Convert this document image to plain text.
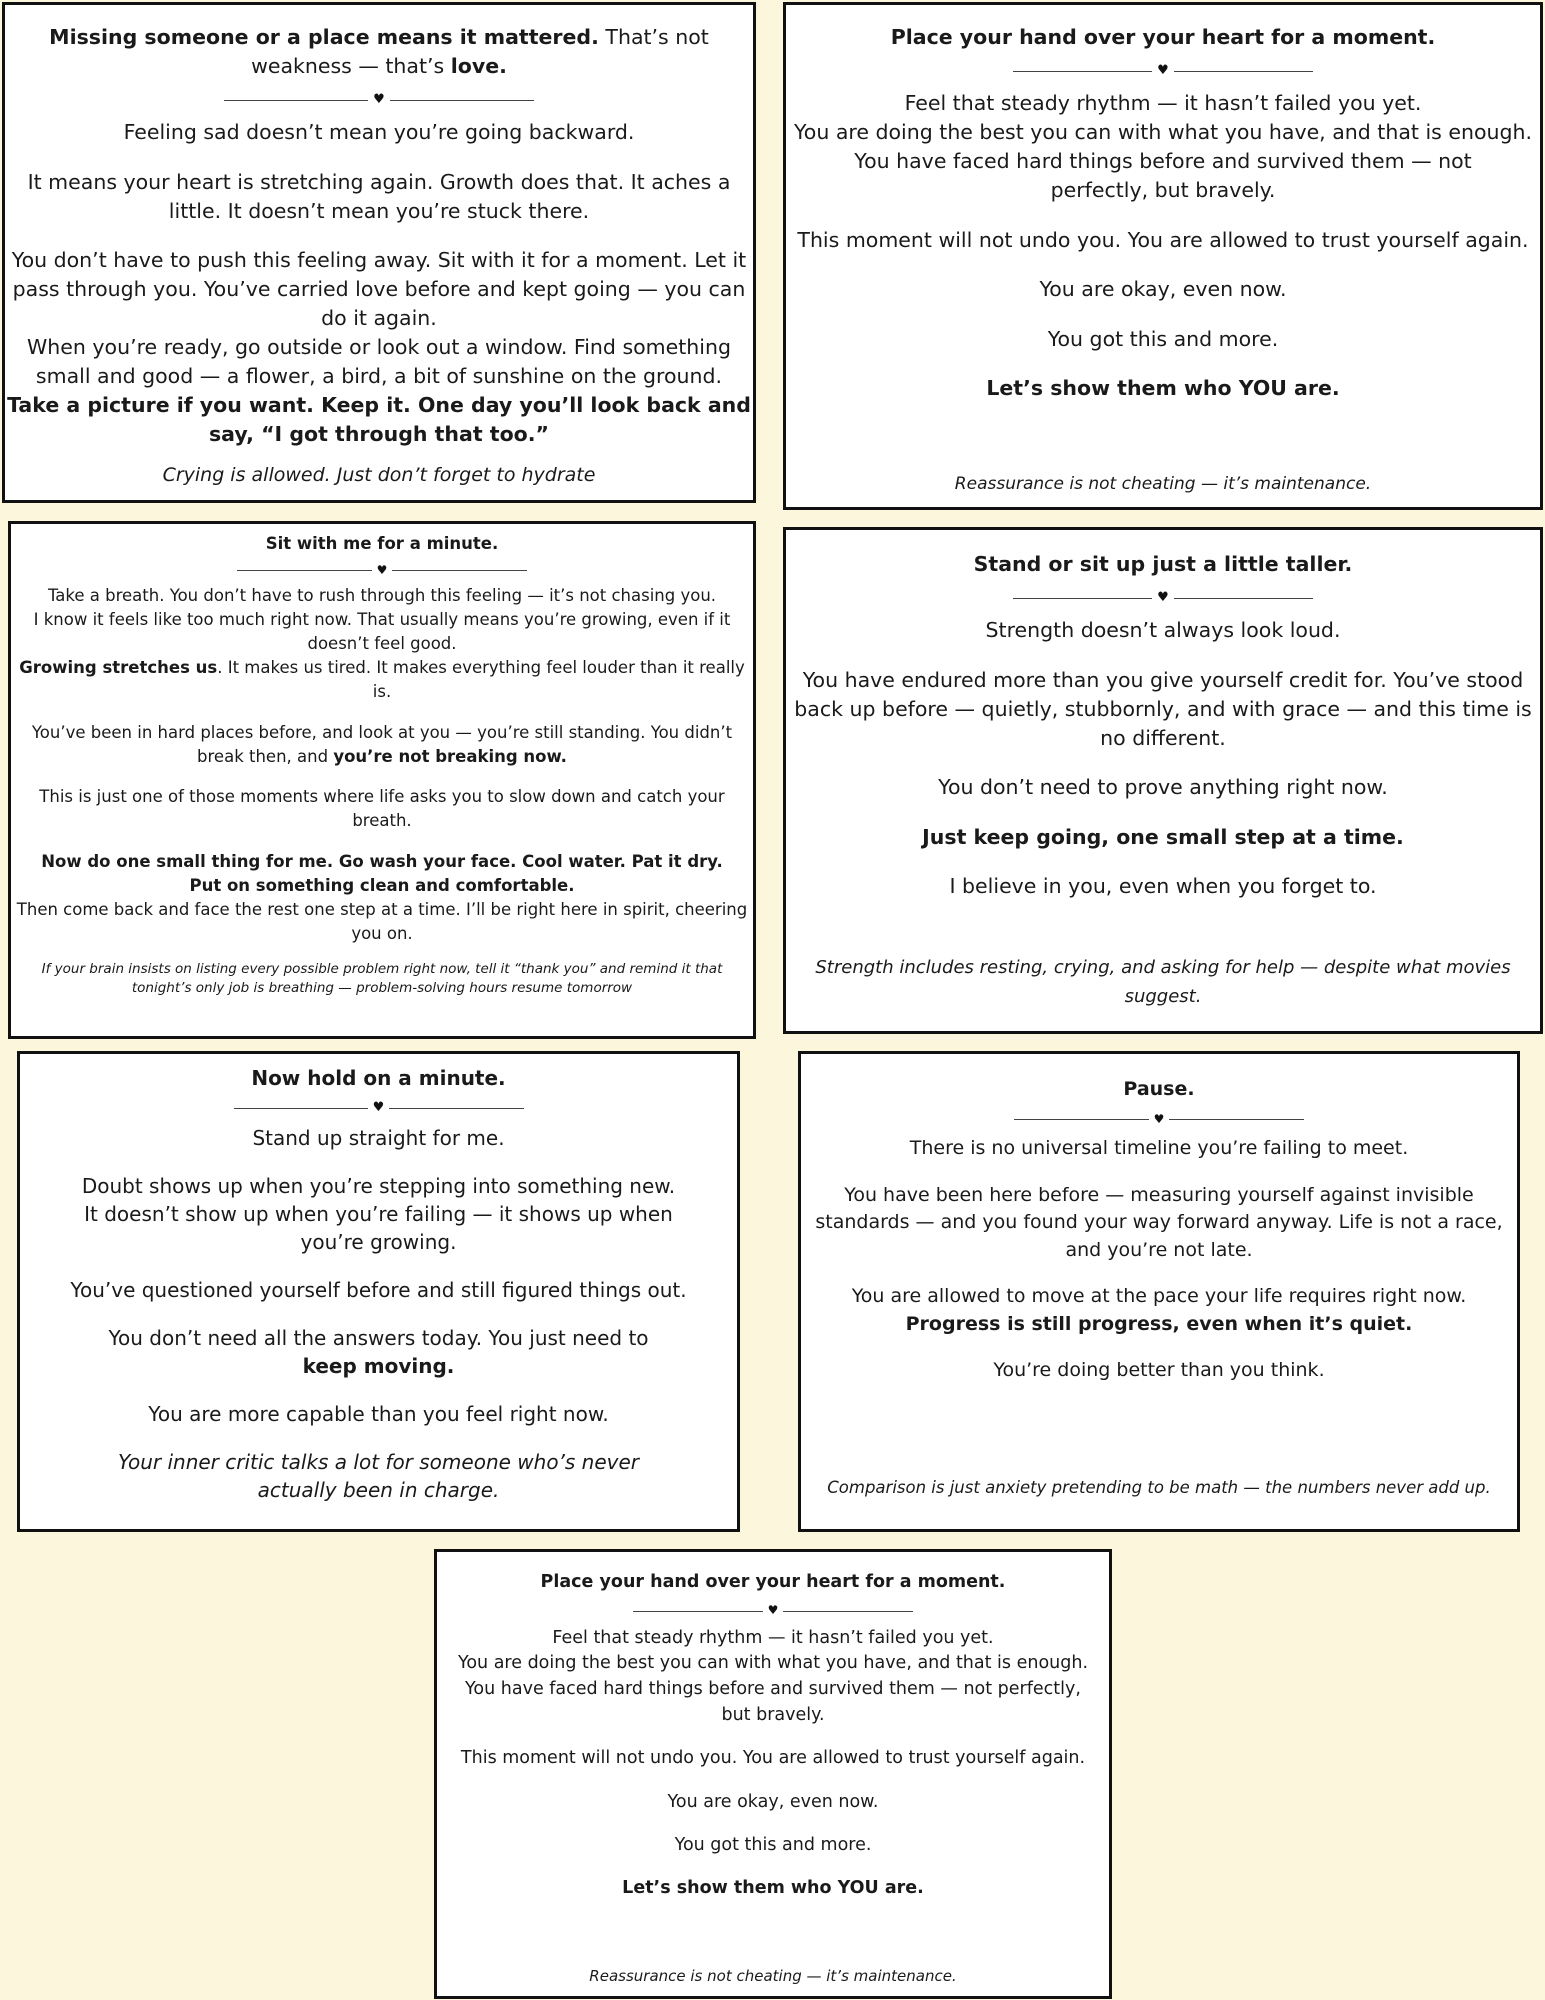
Missing someone or a place means it mattered. That’s not weakness — that’s love.

♥

Feeling sad doesn’t mean you’re going backward.

It means your heart is stretching again. Growth does that. It aches a little. It doesn’t mean you’re stuck there.

You don’t have to push this feeling away. Sit with it for a moment. Let it pass through you. You’ve carried love before and kept going — you can do it again.

When you’re ready, go outside or look out a window. Find something small and good — a flower, a bird, a bit of sunshine on the ground.

Take a picture if you want. Keep it. One day you’ll look back and say, “I got through that too.”

Crying is allowed. Just don’t forget to hydrate

Place your hand over your heart for a moment.

♥

Feel that steady rhythm — it hasn’t failed you yet.

You are doing the best you can with what you have, and that is enough.

You have faced hard things before and survived them — not perfectly, but bravely.

This moment will not undo you. You are allowed to trust yourself again.

You are okay, even now.

You got this and more.

Let’s show them who YOU are.

Reassurance is not cheating — it’s maintenance.

Sit with me for a minute.

♥

Take a breath. You don’t have to rush through this feeling — it’s not chasing you.

I know it feels like too much right now. That usually means you’re growing, even if it doesn’t feel good.

Growing stretches us. It makes us tired. It makes everything feel louder than it really is.

You’ve been in hard places before, and look at you — you’re still standing. You didn’t break then, and you’re not breaking now.

This is just one of those moments where life asks you to slow down and catch your breath.

Now do one small thing for me. Go wash your face. Cool water. Pat it dry. Put on something clean and comfortable.

Then come back and face the rest one step at a time. I’ll be right here in spirit, cheering you on.

If your brain insists on listing every possible problem right now, tell it “thank you” and remind it that tonight’s only job is breathing — problem-solving hours resume tomorrow

Stand or sit up just a little taller.

♥

Strength doesn’t always look loud.

You have endured more than you give yourself credit for. You’ve stood back up before — quietly, stubbornly, and with grace — and this time is no different.

You don’t need to prove anything right now.

Just keep going, one small step at a time.

I believe in you, even when you forget to.

Strength includes resting, crying, and asking for help — despite what movies suggest.

Now hold on a minute.

♥

Stand up straight for me.

Doubt shows up when you’re stepping into something new. It doesn’t show up when you’re failing — it shows up when you’re growing.

You’ve questioned yourself before and still figured things out.

You don’t need all the answers today. You just need to keep moving.

You are more capable than you feel right now.

Your inner critic talks a lot for someone who’s never actually been in charge.

Pause.

♥

There is no universal timeline you’re failing to meet.

You have been here before — measuring yourself against invisible standards — and you found your way forward anyway. Life is not a race, and you’re not late.

You are allowed to move at the pace your life requires right now. Progress is still progress, even when it’s quiet.

You’re doing better than you think.

Comparison is just anxiety pretending to be math — the numbers never add up.

Place your hand over your heart for a moment.

♥

Feel that steady rhythm — it hasn’t failed you yet.

You are doing the best you can with what you have, and that is enough.

You have faced hard things before and survived them — not perfectly, but bravely.

This moment will not undo you. You are allowed to trust yourself again.

You are okay, even now.

You got this and more.

Let’s show them who YOU are.

Reassurance is not cheating — it’s maintenance.
